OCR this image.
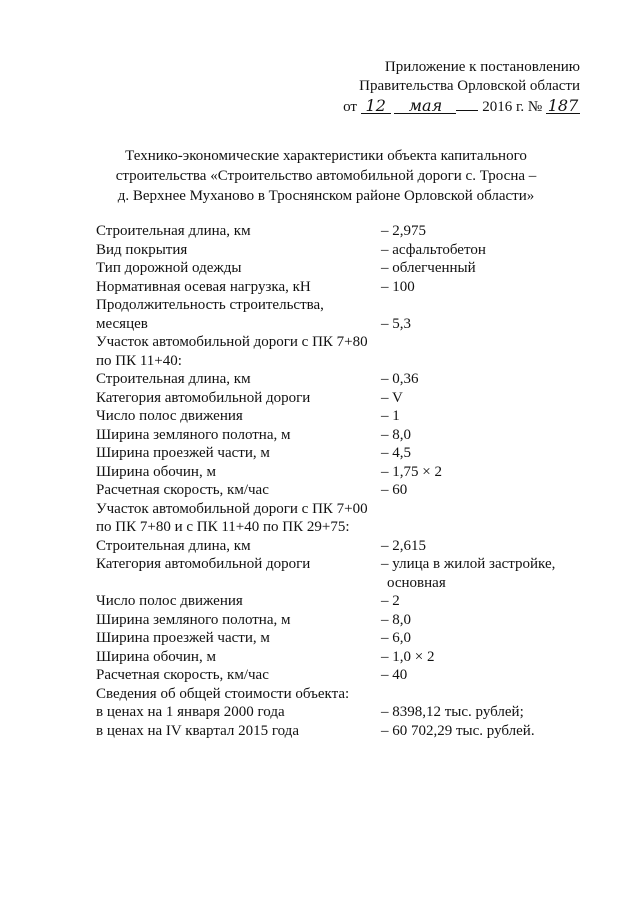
Приложение к постановлению
Правительства Орловской области
от 12 мая	2016 г. № 187
Технико-экономические характеристики объекта капитального
строительства «Строительство автомобильной дороги с. Тросна –
д. Верхнее Муханово в Троснянском районе Орловской области»
Строительная длина, км	– 2,975
Вид покрытия	– асфальтобетон
Тип дорожной одежды	– облегченный
Нормативная осевая нагрузка, кН	– 100
Продолжительность строительства,
месяцев	– 5,3
Участок автомобильной дороги с ПК 7+80
по ПК 11+40:
Строительная длина, км	– 0,36
Категория автомобильной дороги	– V
Число полос движения	– 1
Ширина земляного полотна, м	– 8,0
Ширина проезжей части, м	– 4,5
Ширина обочин, м	– 1,75 × 2
Расчетная скорость, км/час	– 60
Участок автомобильной дороги с ПК 7+00
по ПК 7+80 и с ПК 11+40 по ПК 29+75:
Строительная длина, км	– 2,615
Категория автомобильной дороги	– улица в жилой застройке,
основная
Число полос движения	– 2
Ширина земляного полотна, м	– 8,0
Ширина проезжей части, м	– 6,0
Ширина обочин, м	– 1,0 × 2
Расчетная скорость, км/час	– 40
Сведения об общей стоимости объекта:
в ценах на 1 января 2000 года	– 8398,12 тыс. рублей;
в ценах на IV квартал 2015 года	– 60 702,29 тыс. рублей.
